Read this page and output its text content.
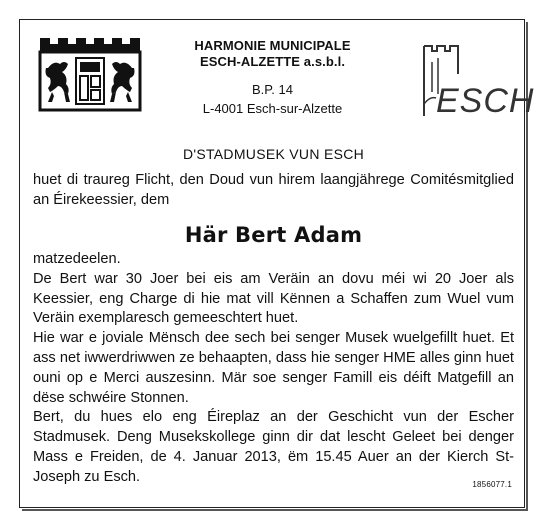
HARMONIE MUNICIPALE
ESCH-ALZETTE a.s.b.l.
B.P. 14
L-4001 Esch-sur-Alzette	ESCH
D'STADMUSEK VUN ESCH
huet di traureg Flicht, den Doud vun hirem laangjährege Comitésmitglied an Éirekeessier, dem
Här Bert Adam

matzedeelen.

De Bert war 30 Joer bei eis am Veräin an dovu méi wi 20 Joer als Keessier, eng Charge di hie mat vill Kënnen a Schaffen zum Wuel vum Veräin exemplaresch gemeeschtert huet.

Hie war e joviale Mënsch dee sech bei senger Musek wuelgefillt huet. Et ass net iwwerdriwwen ze behaapten, dass hie senger HME alles ginn huet ouni op e Merci auszesinn. Mär soe senger Famill eis déift Matgefill an dëse schwéire Stonnen.

Bert, du hues elo eng Éireplaz an der Geschicht vun der Escher Stadmusek. Deng Musekskollege ginn dir dat lescht Geleet bei denger Mass e Freiden, de 4. Januar 2013, ëm 15.45 Auer an der Kierch St-Joseph zu Esch.	1856077.1
